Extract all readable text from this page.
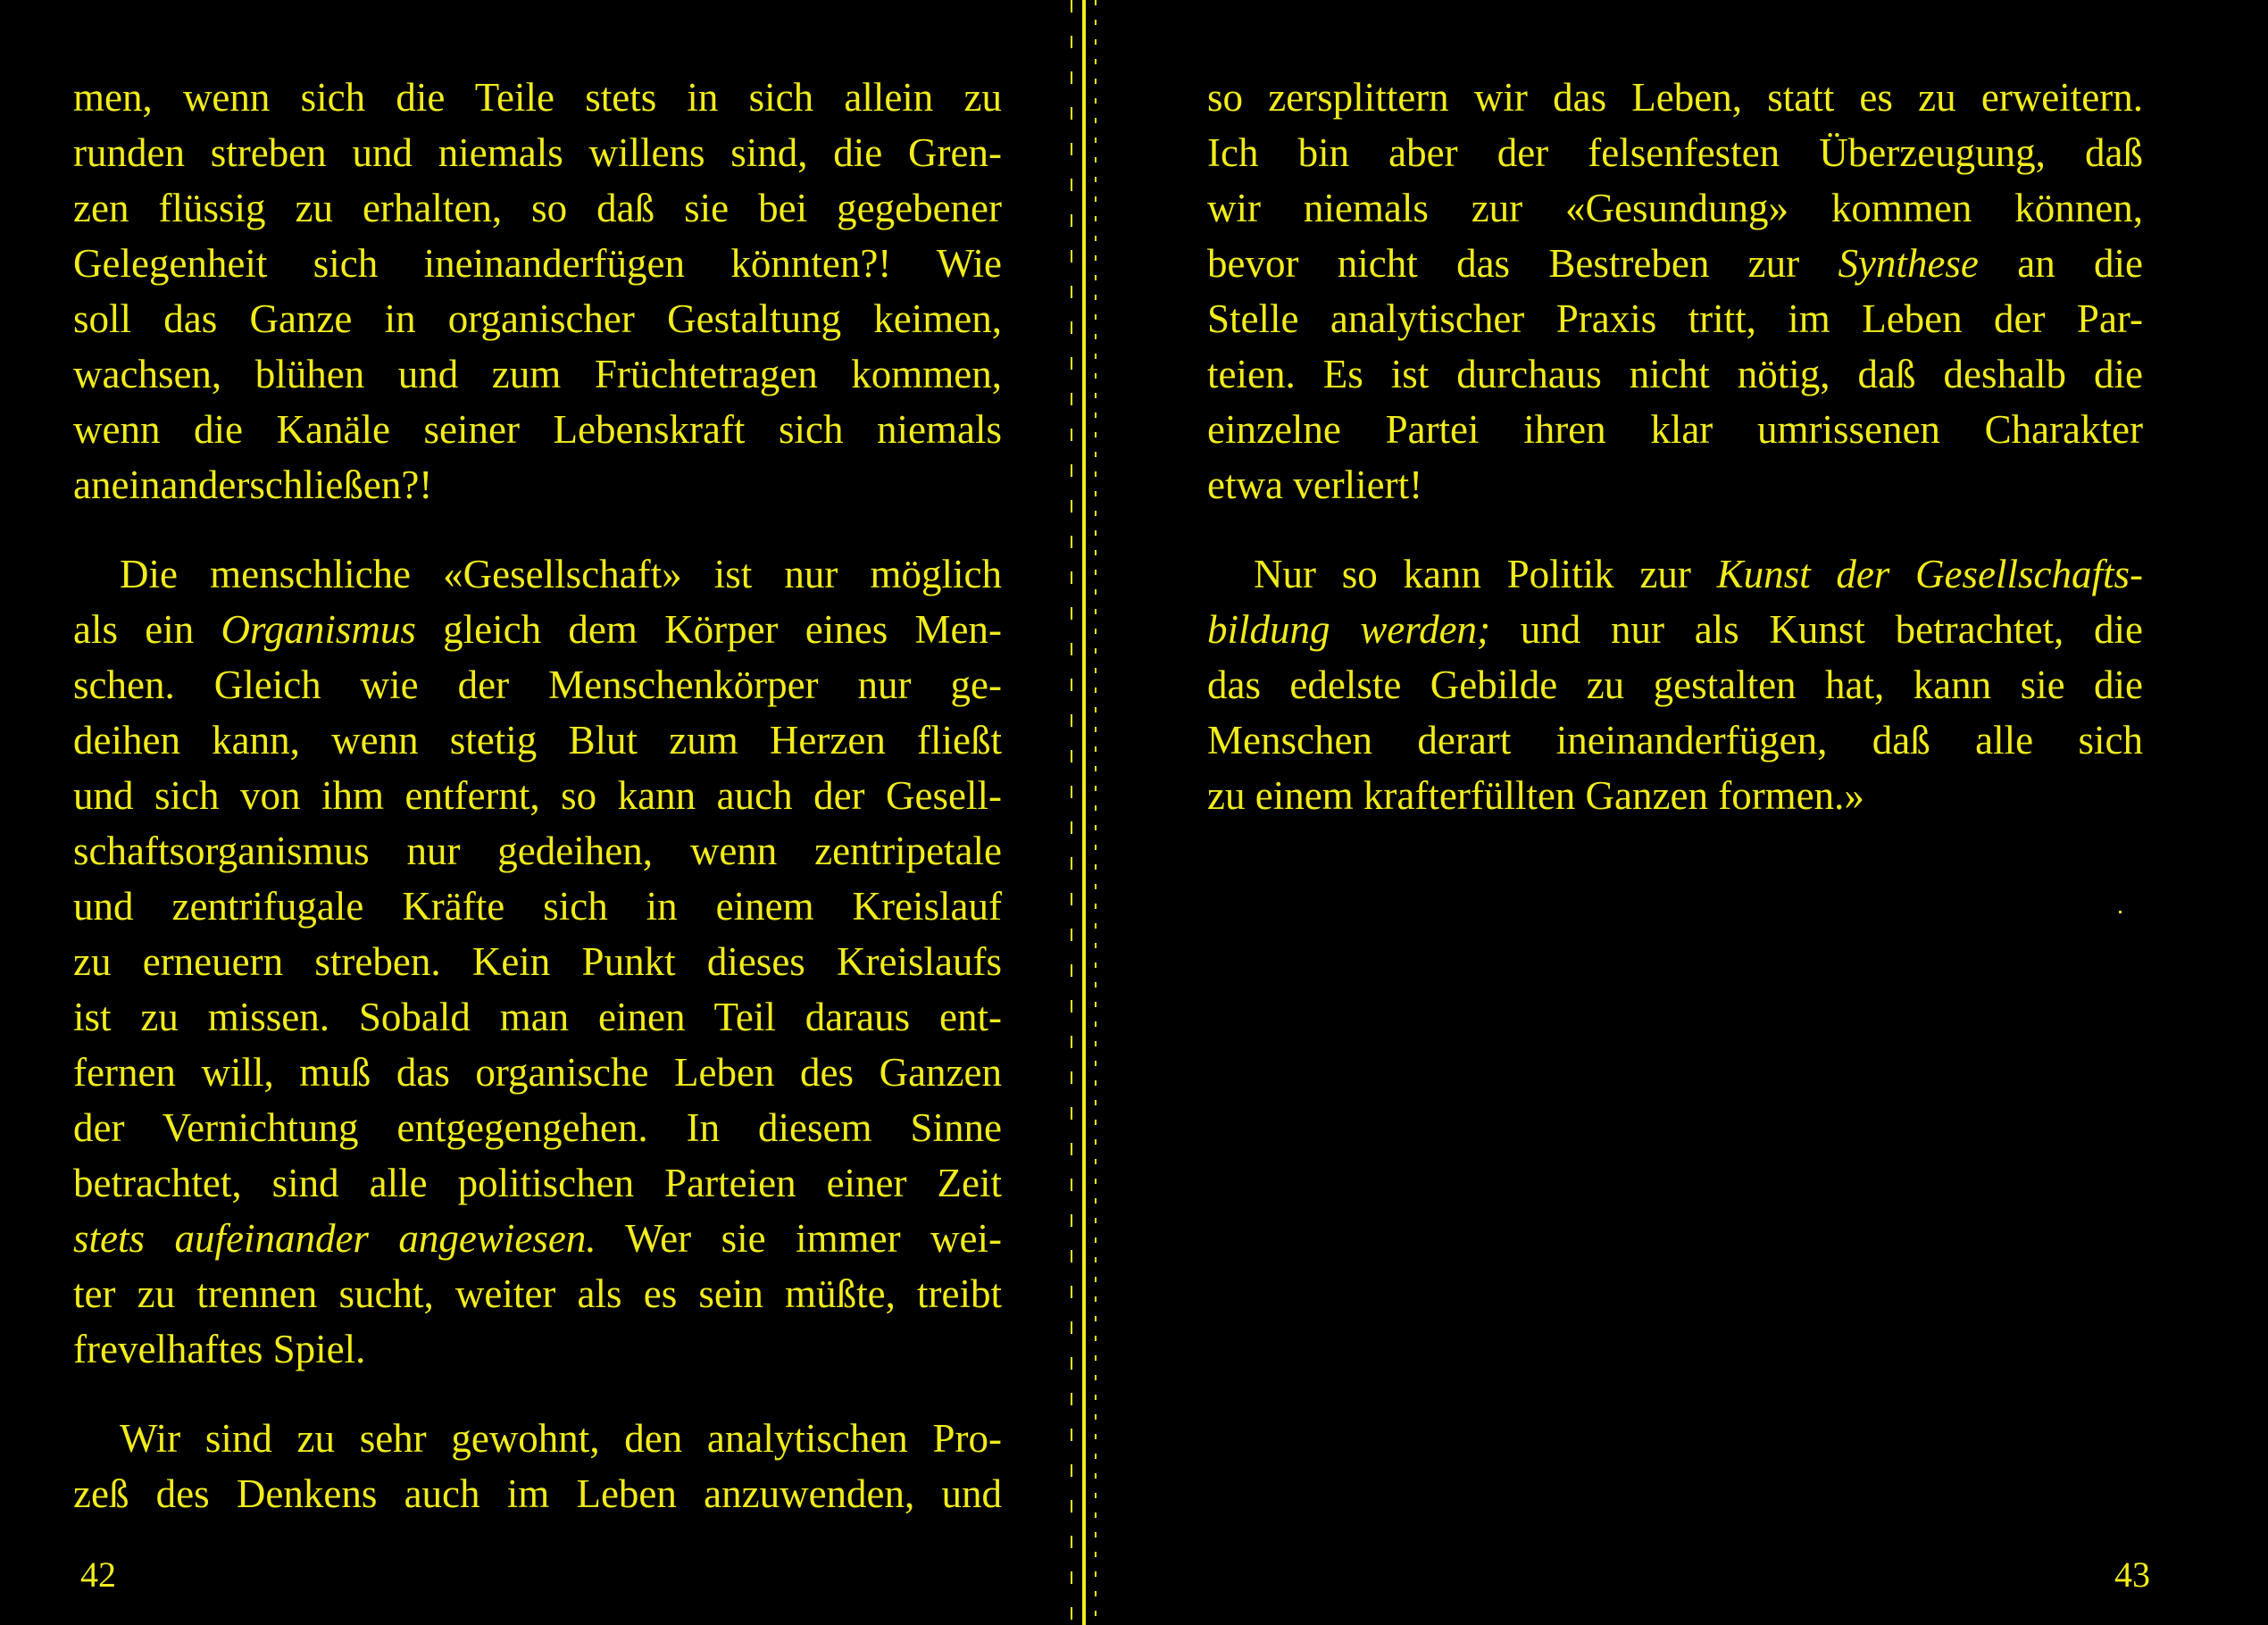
men, wenn sich die Teile stets in sich allein zu
runden streben und niemals willens sind, die Gren-
zen flüssig zu erhalten, so daß sie bei gegebener
Gelegenheit sich ineinanderfügen könnten?! Wie
soll das Ganze in organischer Gestaltung keimen,
wachsen, blühen und zum Früchtetragen kommen,
wenn die Kanäle seiner Lebenskraft sich niemals
aneinanderschließen?!
Die menschliche «Gesellschaft» ist nur möglich
als ein Organismus gleich dem Körper eines Men-
schen. Gleich wie der Menschenkörper nur ge-
deihen kann, wenn stetig Blut zum Herzen fließt
und sich von ihm entfernt, so kann auch der Gesell-
schaftsorganismus nur gedeihen, wenn zentripetale
und zentrifugale Kräfte sich in einem Kreislauf
zu erneuern streben. Kein Punkt dieses Kreislaufs
ist zu missen. Sobald man einen Teil daraus ent-
fernen will, muß das organische Leben des Ganzen
der Vernichtung entgegengehen. In diesem Sinne
betrachtet, sind alle politischen Parteien einer Zeit
stets aufeinander angewiesen. Wer sie immer wei-
ter zu trennen sucht, weiter als es sein müßte, treibt
frevelhaftes Spiel.
Wir sind zu sehr gewohnt, den analytischen Pro-
zeß des Denkens auch im Leben anzuwenden, und
42
so zersplittern wir das Leben, statt es zu erweitern.
Ich bin aber der felsenfesten Überzeugung, daß
wir niemals zur «Gesundung» kommen können,
bevor nicht das Bestreben zur Synthese an die
Stelle analytischer Praxis tritt, im Leben der Par-
teien. Es ist durchaus nicht nötig, daß deshalb die
einzelne Partei ihren klar umrissenen Charakter
etwa verliert!
Nur so kann Politik zur Kunst der Gesellschafts-
bildung werden; und nur als Kunst betrachtet, die
das edelste Gebilde zu gestalten hat, kann sie die
Menschen derart ineinanderfügen, daß alle sich
zu einem krafterfüllten Ganzen formen.»
43
